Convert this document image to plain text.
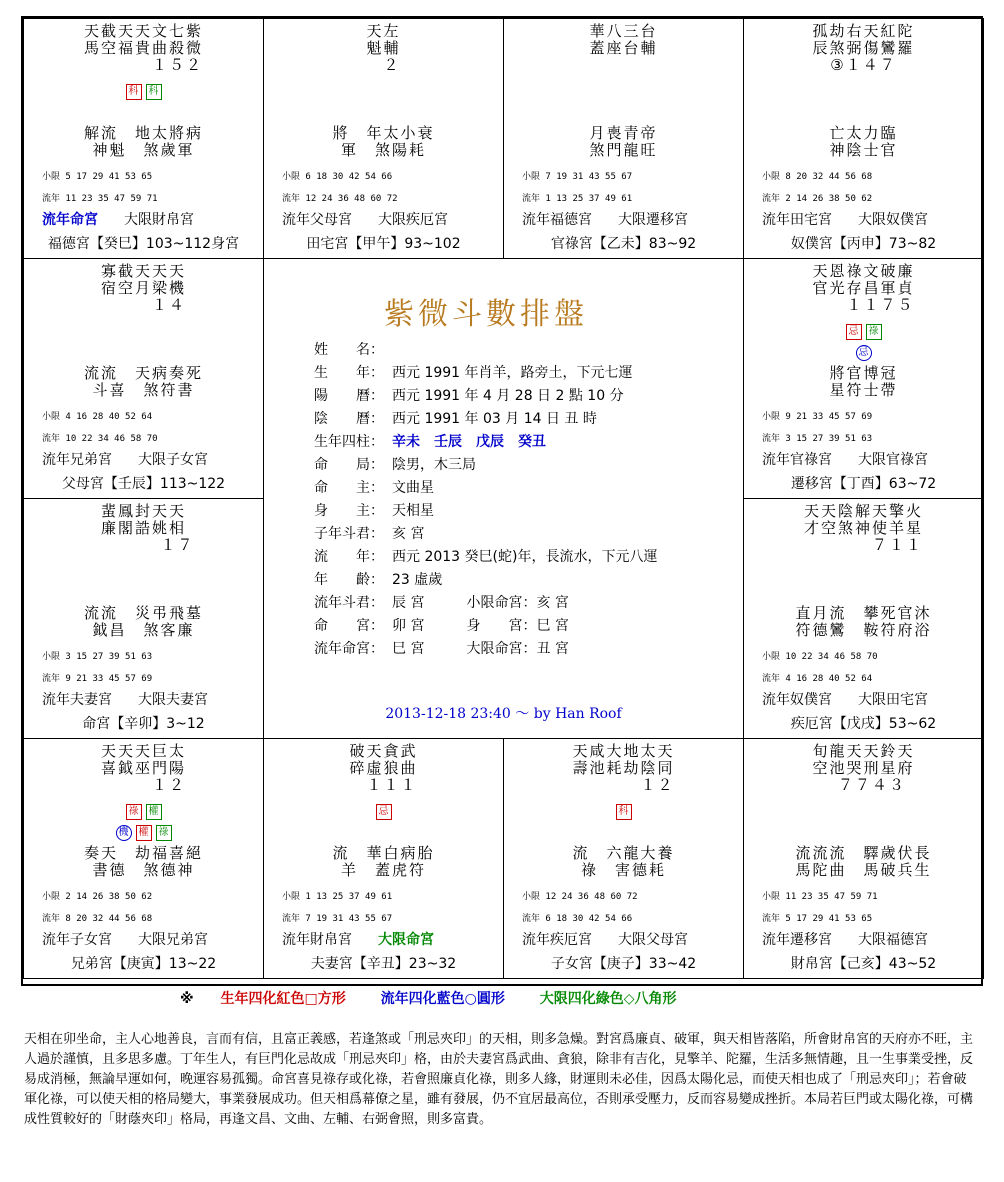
天截天天文七紫
馬空福貴曲殺微
　　　　１５２
科 科
解流　地太將病
神魁　煞歲軍　
小限 5 17 29 41 53 65
流年 11 23 35 47 59 71
流年命宮 大限財帛宮
福德宮【癸巳】103~112身宮
天左
魁輔
　２
將　年太小衰
軍　煞陽耗　
小限 6 18 30 42 54 66
流年 12 24 36 48 60 72
流年父母宮 大限疾厄宮
田宅宮【甲午】93~102
華八三台
蓋座台輔
月喪青帝
煞門龍旺
小限 7 19 31 43 55 67
流年 1 13 25 37 49 61
流年福德宮 大限遷移宮
官祿宮【乙未】83~92
孤劫右天紅陀
辰煞弼傷鸞羅
③１４７
亡太力臨
神陰士官
小限 8 20 32 44 56 68
流年 2 14 26 38 50 62
流年田宅宮 大限奴僕宮
奴僕宮【丙申】73~82
寡截天天天
宿空月梁機
　　　１４
流流　天病奏死
斗喜　煞符書　
小限 4 16 28 40 52 64
流年 10 22 34 46 58 70
流年兄弟宮 大限子女宮
父母宮【壬辰】113~122
天恩祿文破廉
官光存昌軍貞
　　１１７５
忌 祿
忌
將官博冠
星符士帶
小限 9 21 33 45 57 69
流年 3 15 27 39 51 63
流年官祿宮 大限官祿宮
遷移宮【丁酉】63~72
蜚鳳封天天
廉閣誥姚相
　　　　１７
流流　災弔飛墓
鉞昌　煞客廉　
小限 3 15 27 39 51 63
流年 9 21 33 45 57 69
流年夫妻宮 大限夫妻宮
命宮【辛卯】3~12
天天陰解天擎火
才空煞神使羊星
　　　　７１１
直月流　攀死官沐
符德鸞　鞍符府浴
小限 10 22 34 46 58 70
流年 4 16 28 40 52 64
流年奴僕宮 大限田宅宮
疾厄宮【戊戌】53~62
天天天巨太
喜鉞巫門陽
　　　１２
祿 權
機 權 祿
奏天　劫福喜絕
書德　煞德神　
小限 2 14 26 38 50 62
流年 8 20 32 44 56 68
流年子女宮 大限兄弟宮
兄弟宮【庚寅】13~22
破天貪武
碎虛狼曲
　１１１
忌
流　華白病胎
羊　蓋虎符　
小限 1 13 25 37 49 61
流年 7 19 31 43 55 67
流年財帛宮 大限命宮
夫妻宮【辛丑】23~32
天咸大地太天
壽池耗劫陰同
　　　　１２
科
流　六龍大養
祿　害德耗　
小限 12 24 36 48 60 72
流年 6 18 30 42 54 66
流年疾厄宮 大限父母宮
子女宮【庚子】33~42
旬龍天天鈴天
空池哭刑星府
　７７４３
流流流　驛歲伏長
馬陀曲　馬破兵生
小限 11 23 35 47 59 71
流年 5 17 29 41 53 65
流年遷移宮 大限福德宮
財帛宮【己亥】43~52
紫微斗數排盤
姓　　名：
生　　年： 西元 1991 年肖羊，路旁土，下元七運
陽　　曆： 西元 1991 年 4 月 28 日 2 點 10 分
陰　　曆： 西元 1991 年 03 月 14 日 丑 時
生年四柱： 辛未　壬辰　戊辰　癸丑
命　　局： 陰男，木三局
命　　主： 文曲星
身　　主： 天相星
子年斗君： 亥 宮
流　　年： 西元 2013 癸巳(蛇)年，長流水，下元八運
年　　齡： 23 虛歲
流年斗君： 辰 宮　　　小限命宮：亥 宮
命　　宮： 卯 宮　　　身　　宮：巳 宮
流年命宮： 巳 宮　　　大限命宮：丑 宮
2013-12-18 23:40 ～ by Han Roof
※ 生年四化紅色□方形 流年四化藍色○圓形 大限四化綠色◇八角形
天相在卯坐命，主人心地善良，言而有信，且富正義感，若逢煞或「刑忌夾印」的天相，則多急燥。對宮爲廉貞、破軍，與天相皆落陷，所會財帛宮的天府亦不旺，主人過於謹慎，且多思多慮。丁年生人，有巨門化忌故成「刑忌夾印」格，由於夫妻宮爲武曲、貪狼，除非有吉化，見擎羊、陀羅，生活多無情趣，且一生事業受挫，反易成消極，無論早運如何，晚運容易孤獨。命宮喜見祿存或化祿，若會照廉貞化祿，則多人緣，財運則未必佳，因爲太陽化忌，而使天相也成了「刑忌夾印」；若會破軍化祿，可以使天相的格局變大，事業發展成功。但天相爲幕僚之星，雖有發展，仍不宜居最高位，否則承受壓力，反而容易變成挫折。本局若巨門或太陽化祿，可構成性質較好的「財蔭夾印」格局，再逢文昌、文曲、左輔、右弼會照，則多富貴。
